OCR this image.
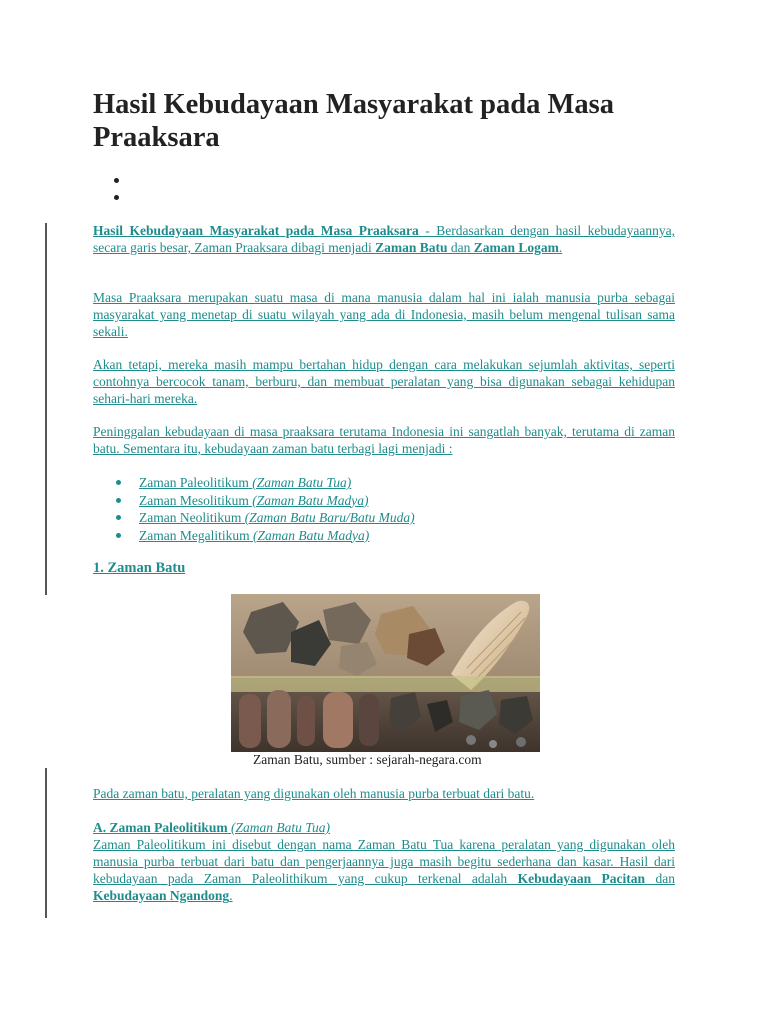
Hasil Kebudayaan Masyarakat pada Masa Praaksara

Hasil Kebudayaan Masyarakat pada Masa Praaksara - Berdasarkan dengan hasil kebudayaannya, secara garis besar, Zaman Praaksara dibagi menjadi Zaman Batu dan Zaman Logam.

Masa Praaksara merupakan suatu masa di mana manusia dalam hal ini ialah manusia purba sebagai masyarakat yang menetap di suatu wilayah yang ada di Indonesia, masih belum mengenal tulisan sama sekali.

Akan tetapi, mereka masih mampu bertahan hidup dengan cara melakukan sejumlah aktivitas, seperti contohnya bercocok tanam, berburu, dan membuat peralatan yang bisa digunakan sebagai kehidupan sehari-hari mereka.

Peninggalan kebudayaan di masa praaksara terutama Indonesia ini sangatlah banyak, terutama di zaman batu. Sementara itu, kebudayaan zaman batu terbagi lagi menjadi :

Zaman Paleolitikum (Zaman Batu Tua)
Zaman Mesolitikum (Zaman Batu Madya)
Zaman Neolitikum (Zaman Batu Baru/Batu Muda)
Zaman Megalitikum (Zaman Batu Madya)
1. Zaman Batu
Zaman Batu, sumber : sejarah-negara.com

Pada zaman batu, peralatan yang digunakan oleh manusia purba terbuat dari batu.

A. Zaman Paleolitikum (Zaman Batu Tua)
Zaman Paleolitikum ini disebut dengan nama Zaman Batu Tua karena peralatan yang digunakan oleh manusia purba terbuat dari batu dan pengerjaannya juga masih begitu sederhana dan kasar. Hasil dari kebudayaan pada Zaman Paleolithikum yang cukup terkenal adalah Kebudayaan Pacitan dan Kebudayaan Ngandong.
